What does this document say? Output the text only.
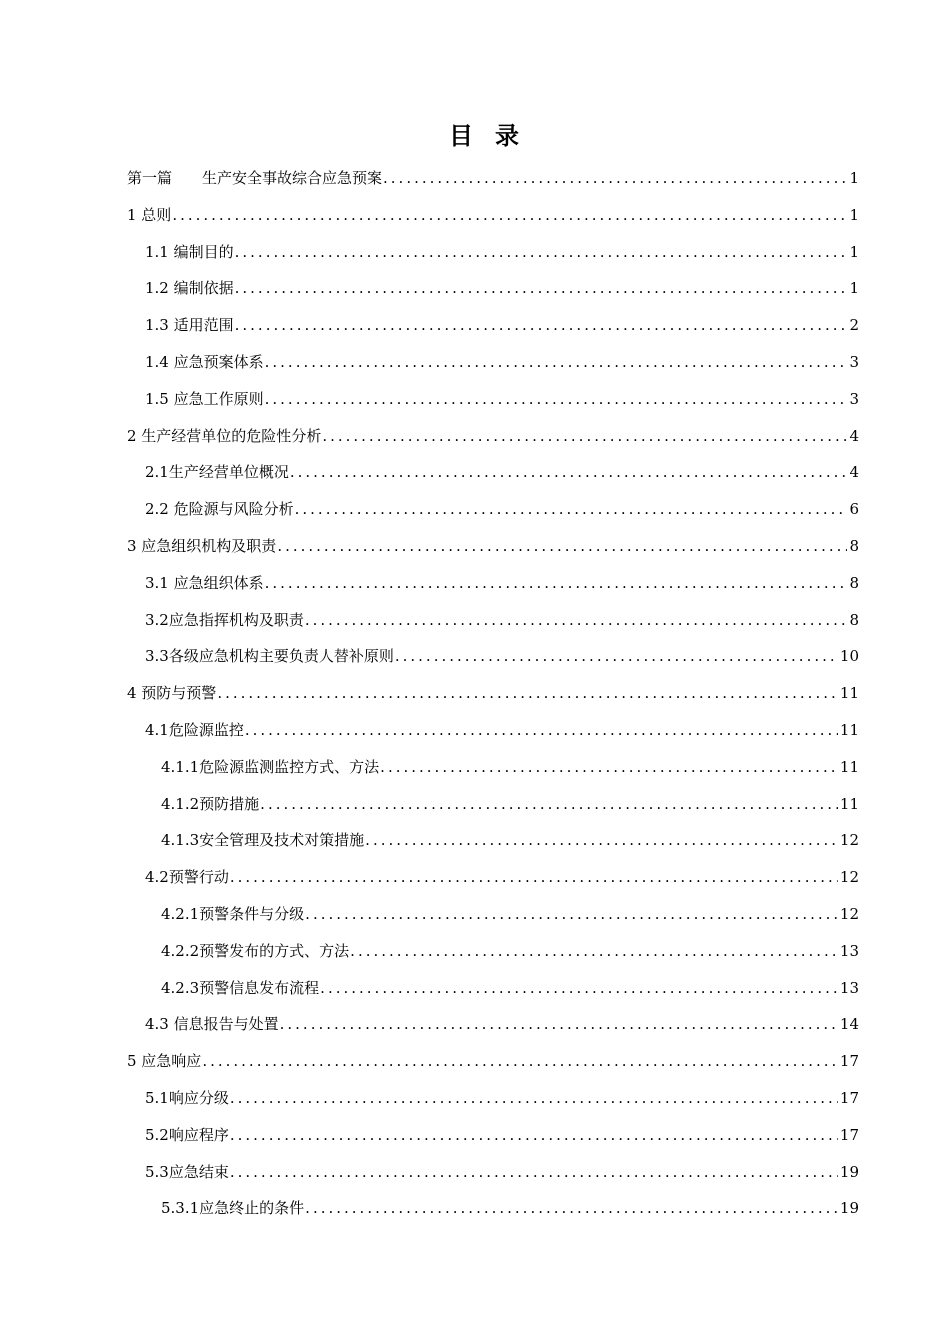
目录
第一篇　　生产安全事故综合应急预案 .....	1
1 总则 .....	1
1.1 编制目的 .....	1
1.2 编制依据 .....	1
1.3 适用范围 .....	2
1.4 应急预案体系 .....	3
1.5 应急工作原则 .....	3
2 生产经营单位的危险性分析 .....	4
2.1生产经营单位概况 .....	4
2.2 危险源与风险分析 .....	6
3 应急组织机构及职责 .....	8
3.1 应急组织体系 .....	8
3.2应急指挥机构及职责 .....	8
3.3各级应急机构主要负责人替补原则 .....	10
4 预防与预警 .....	11
4.1危险源监控 .....	11
4.1.1危险源监测监控方式、方法 .....	11
4.1.2预防措施 .....	11
4.1.3安全管理及技术对策措施 .....	12
4.2预警行动 .....	12
4.2.1预警条件与分级 .....	12
4.2.2预警发布的方式、方法 .....	13
4.2.3预警信息发布流程 .....	13
4.3 信息报告与处置 .....	14
5 应急响应 .....	17
5.1响应分级 .....	17
5.2响应程序 .....	17
5.3应急结束 .....	19
5.3.1应急终止的条件 .....	19
